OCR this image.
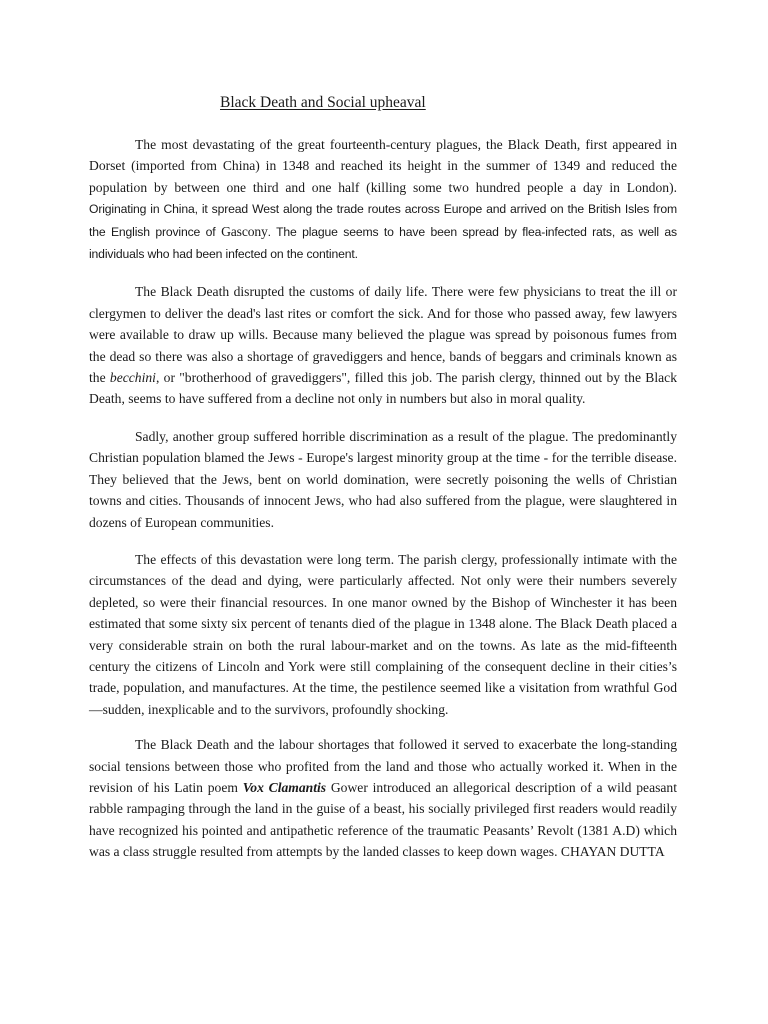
Black Death and Social upheaval

The most devastating of the great fourteenth-century plagues, the Black Death, first appeared in Dorset (imported from China) in 1348 and reached its height in the summer of 1349 and reduced the population by between one third and one half (killing some two hundred people a day in London). Originating in China, it spread West along the trade routes across Europe and arrived on the British Isles from the English province of Gascony. The plague seems to have been spread by flea-infected rats, as well as individuals who had been infected on the continent.

The Black Death disrupted the customs of daily life. There were few physicians to treat the ill or clergymen to deliver the dead's last rites or comfort the sick. And for those who passed away, few lawyers were available to draw up wills. Because many believed the plague was spread by poisonous fumes from the dead so there was also a shortage of gravediggers and hence, bands of beggars and criminals known as the becchini, or "brotherhood of gravediggers", filled this job. The parish clergy, thinned out by the Black Death, seems to have suffered from a decline not only in numbers but also in moral quality.

Sadly, another group suffered horrible discrimination as a result of the plague. The predominantly Christian population blamed the Jews - Europe's largest minority group at the time - for the terrible disease. They believed that the Jews, bent on world domination, were secretly poisoning the wells of Christian towns and cities. Thousands of innocent Jews, who had also suffered from the plague, were slaughtered in dozens of European communities.

The effects of this devastation were long term. The parish clergy, professionally intimate with the circumstances of the dead and dying, were particularly affected. Not only were their numbers severely depleted, so were their financial resources. In one manor owned by the Bishop of Winchester it has been estimated that some sixty six percent of tenants died of the plague in 1348 alone. The Black Death placed a very considerable strain on both the rural labour-market and on the towns. As late as the mid-fifteenth century the citizens of Lincoln and York were still complaining of the consequent decline in their cities’s trade, population, and manufactures. At the time, the pestilence seemed like a visitation from wrathful God—sudden, inexplicable and to the survivors, profoundly shocking.

The Black Death and the labour shortages that followed it served to exacerbate the long-standing social tensions between those who profited from the land and those who actually worked it. When in the revision of his Latin poem Vox Clamantis Gower introduced an allegorical description of a wild peasant rabble rampaging through the land in the guise of a beast, his socially privileged first readers would readily have recognized his pointed and antipathetic reference of the traumatic Peasants’ Revolt (1381 A.D) which was a class struggle resulted from attempts by the landed classes to keep down wages. CHAYAN DUTTA
